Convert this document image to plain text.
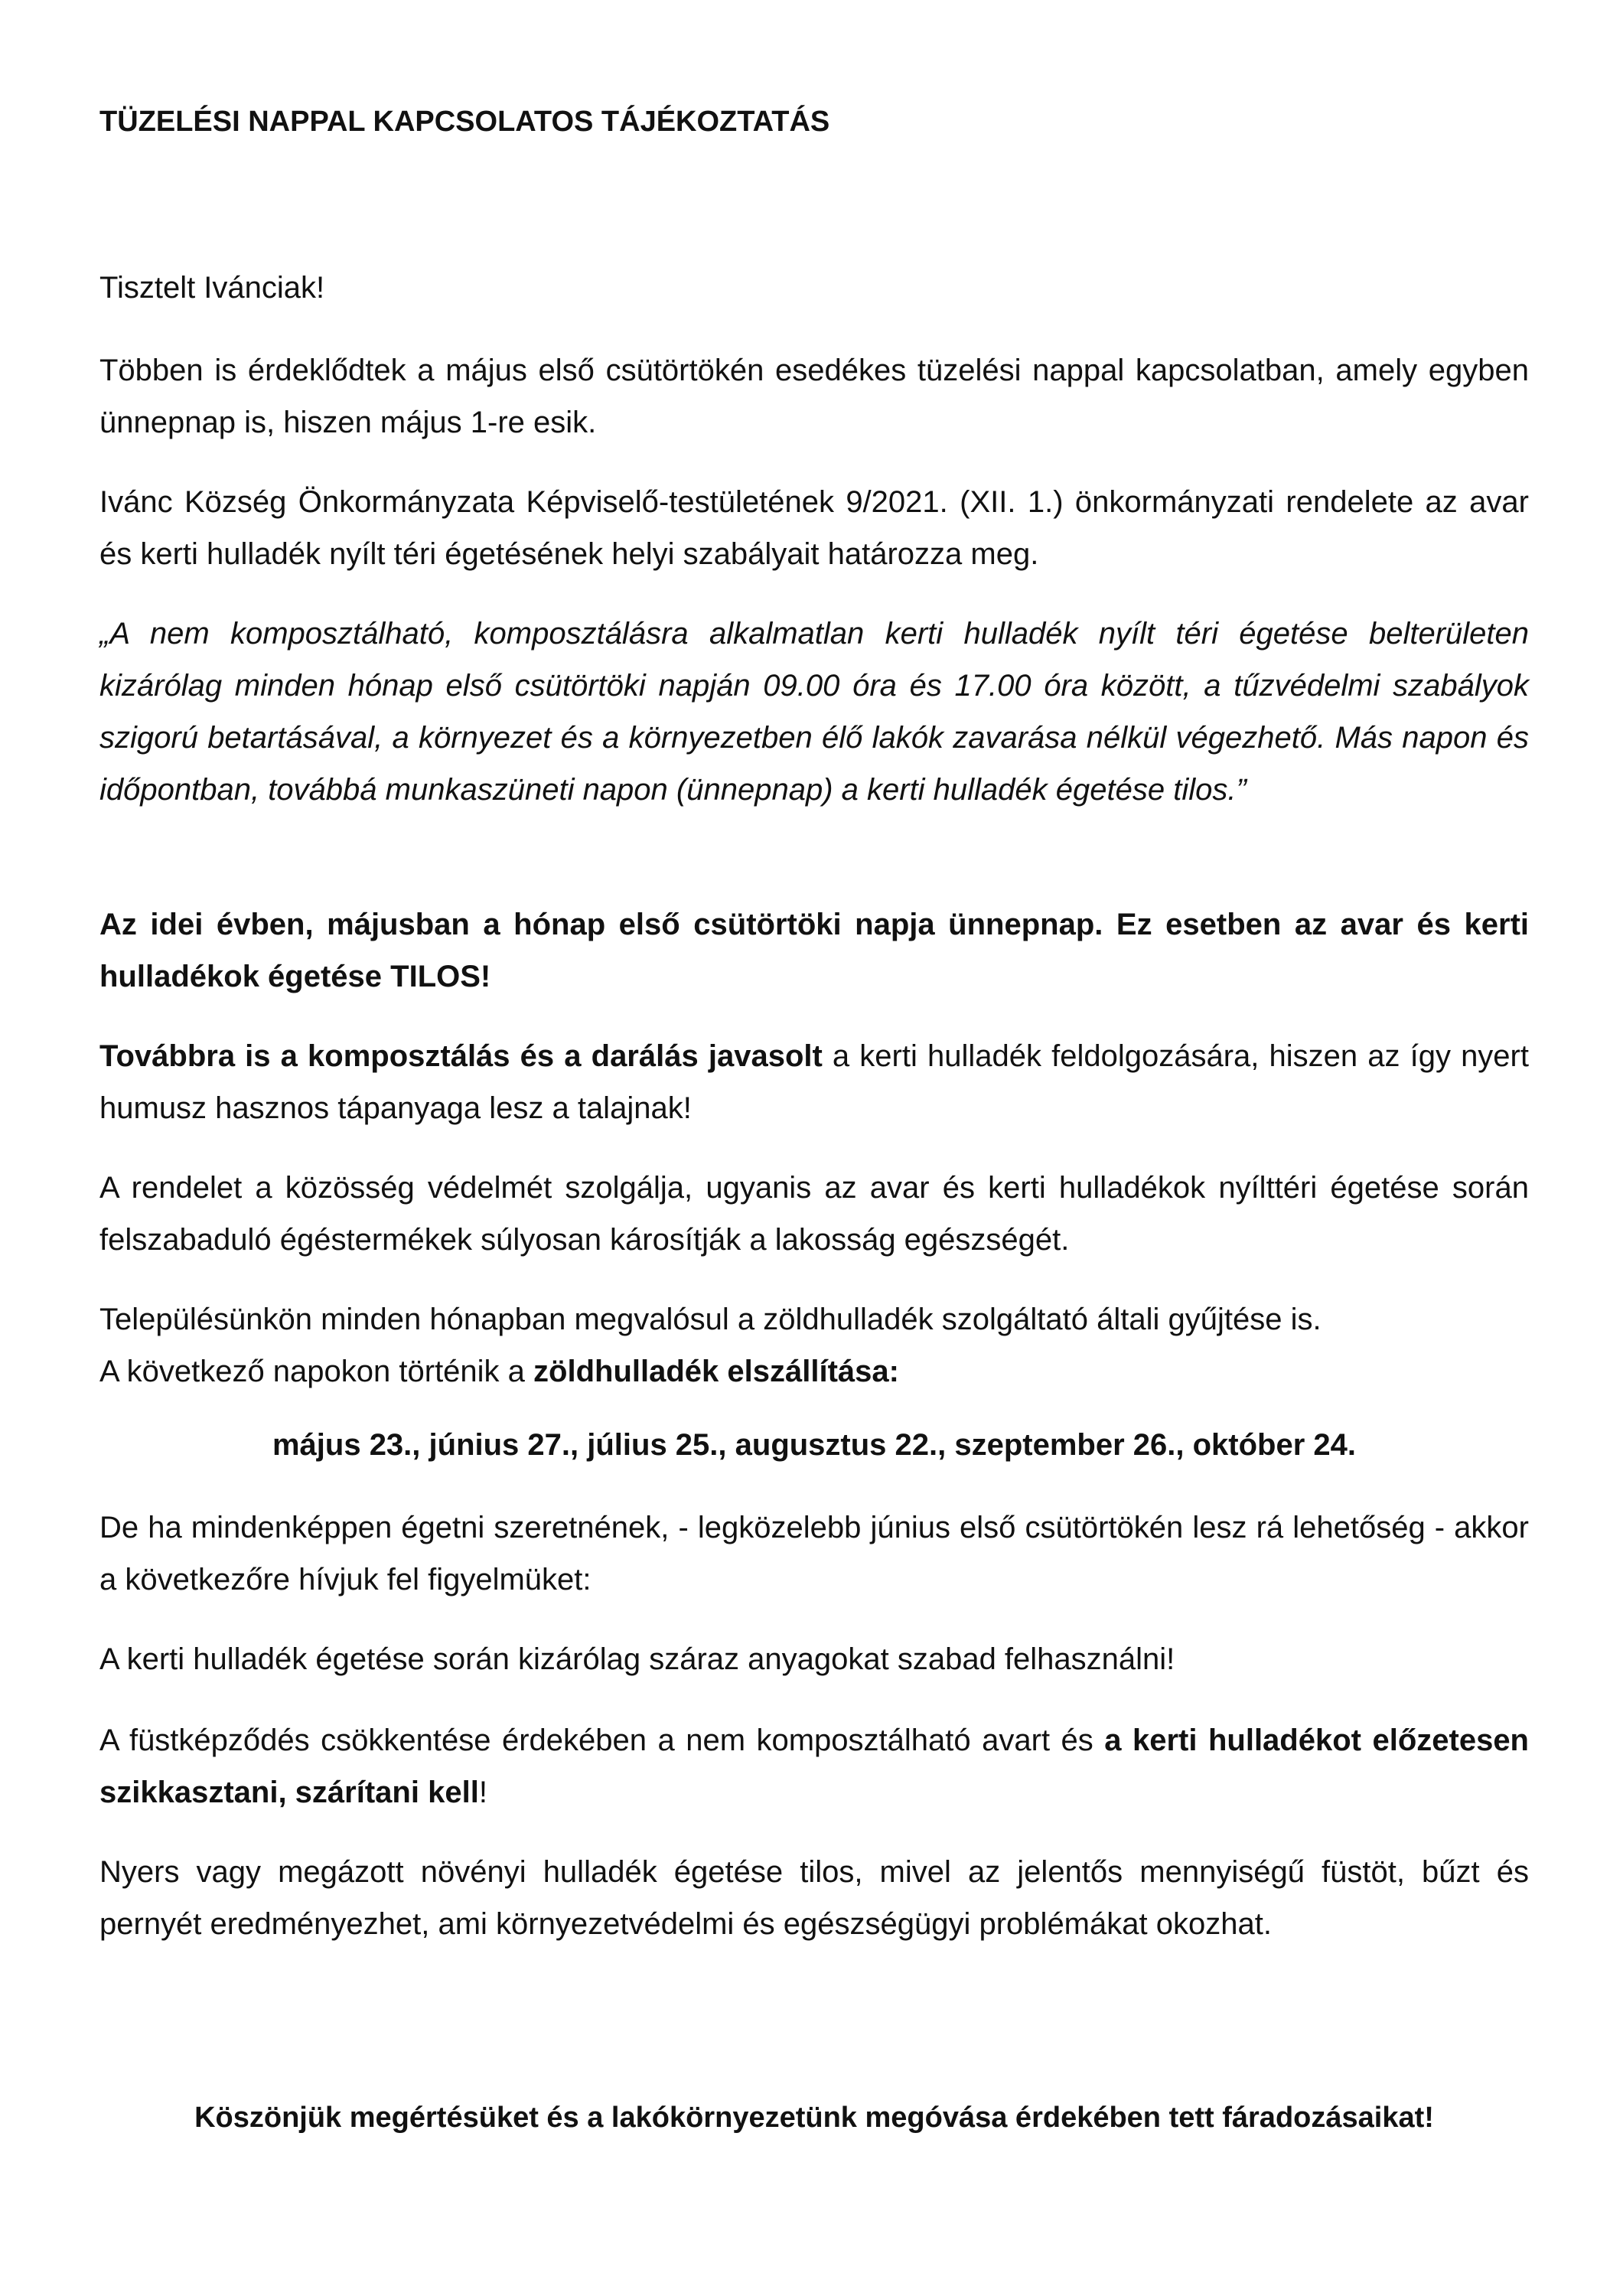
TÜZELÉSI NAPPAL KAPCSOLATOS TÁJÉKOZTATÁS

Tisztelt Ivánciak!

Többen is érdeklődtek a május első csütörtökén esedékes tüzelési nappal kapcsolatban, amely egyben ünnepnap is, hiszen május 1-re esik.

Ivánc Község Önkormányzata Képviselő-testületének 9/2021. (XII. 1.) önkormányzati rendelete az avar és kerti hulladék nyílt téri égetésének helyi szabályait határozza meg.

„A nem komposztálható, komposztálásra alkalmatlan kerti hulladék nyílt téri égetése belterületen kizárólag minden hónap első csütörtöki napján 09.00 óra és 17.00 óra között, a tűzvédelmi szabályok szigorú betartásával, a környezet és a környezetben élő lakók zavarása nélkül végezhető. Más napon és időpontban, továbbá munkaszüneti napon (ünnepnap) a kerti hulladék égetése tilos.”

Az idei évben, májusban a hónap első csütörtöki napja ünnepnap. Ez esetben az avar és kerti hulladékok égetése TILOS!

Továbbra is a komposztálás és a darálás javasolt a kerti hulladék feldolgozására, hiszen az így nyert humusz hasznos tápanyaga lesz a talajnak!

A rendelet a közösség védelmét szolgálja, ugyanis az avar és kerti hulladékok nyílttéri égetése során felszabaduló égéstermékek súlyosan károsítják a lakosság egészségét.

Településünkön minden hónapban megvalósul a zöldhulladék szolgáltató általi gyűjtése is.
A következő napokon történik a zöldhulladék elszállítása:

május 23., június 27., július 25., augusztus 22., szeptember 26., október 24.

De ha mindenképpen égetni szeretnének, - legközelebb június első csütörtökén lesz rá lehetőség - akkor a következőre hívjuk fel figyelmüket:

A kerti hulladék égetése során kizárólag száraz anyagokat szabad felhasználni!

A füstképződés csökkentése érdekében a nem komposztálható avart és a kerti hulladékot előzetesen szikkasztani, szárítani kell!

Nyers vagy megázott növényi hulladék égetése tilos, mivel az jelentős mennyiségű füstöt, bűzt és pernyét eredményezhet, ami környezetvédelmi és egészségügyi problémákat okozhat.

Köszönjük megértésüket és a lakókörnyezetünk megóvása érdekében tett fáradozásaikat!
